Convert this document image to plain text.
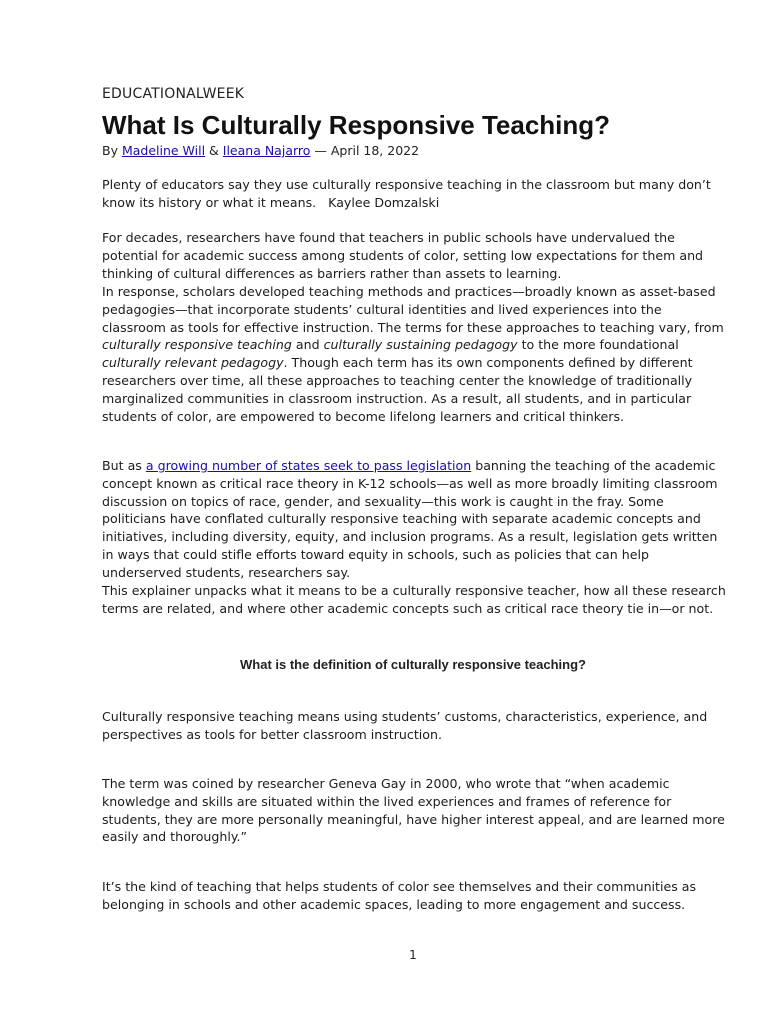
EDUCATIONALWEEK
What Is Culturally Responsive Teaching?
By Madeline Will & Ileana Najarro — April 18, 2022

Plenty of educators say they use culturally responsive teaching in the classroom but many don’t know its history or what it means.   Kaylee Domzalski

For decades, researchers have found that teachers in public schools have undervalued the potential for academic success among students of color, setting low expectations for them and thinking of cultural differences as barriers rather than assets to learning.

In response, scholars developed teaching methods and practices—broadly known as asset-based pedagogies—that incorporate students’ cultural identities and lived experiences into the classroom as tools for effective instruction. The terms for these approaches to teaching vary, from culturally responsive teaching and culturally sustaining pedagogy to the more foundational culturally relevant pedagogy. Though each term has its own components defined by different researchers over time, all these approaches to teaching center the knowledge of traditionally marginalized communities in classroom instruction. As a result, all students, and in particular students of color, are empowered to become lifelong learners and critical thinkers.

But as a growing number of states seek to pass legislation banning the teaching of the academic concept known as critical race theory in K-12 schools—as well as more broadly limiting classroom discussion on topics of race, gender, and sexuality—this work is caught in the fray. Some politicians have conflated culturally responsive teaching with separate academic concepts and initiatives, including diversity, equity, and inclusion programs. As a result, legislation gets written in ways that could stifle efforts toward equity in schools, such as policies that can help underserved students, researchers say.

This explainer unpacks what it means to be a culturally responsive teacher, how all these research terms are related, and where other academic concepts such as critical race theory tie in—or not.

What is the definition of culturally responsive teaching?

Culturally responsive teaching means using students’ customs, characteristics, experience, and perspectives as tools for better classroom instruction.

The term was coined by researcher Geneva Gay in 2000, who wrote that “when academic knowledge and skills are situated within the lived experiences and frames of reference for students, they are more personally meaningful, have higher interest appeal, and are learned more easily and thoroughly.”

It’s the kind of teaching that helps students of color see themselves and their communities as belonging in schools and other academic spaces, leading to more engagement and success.

1
